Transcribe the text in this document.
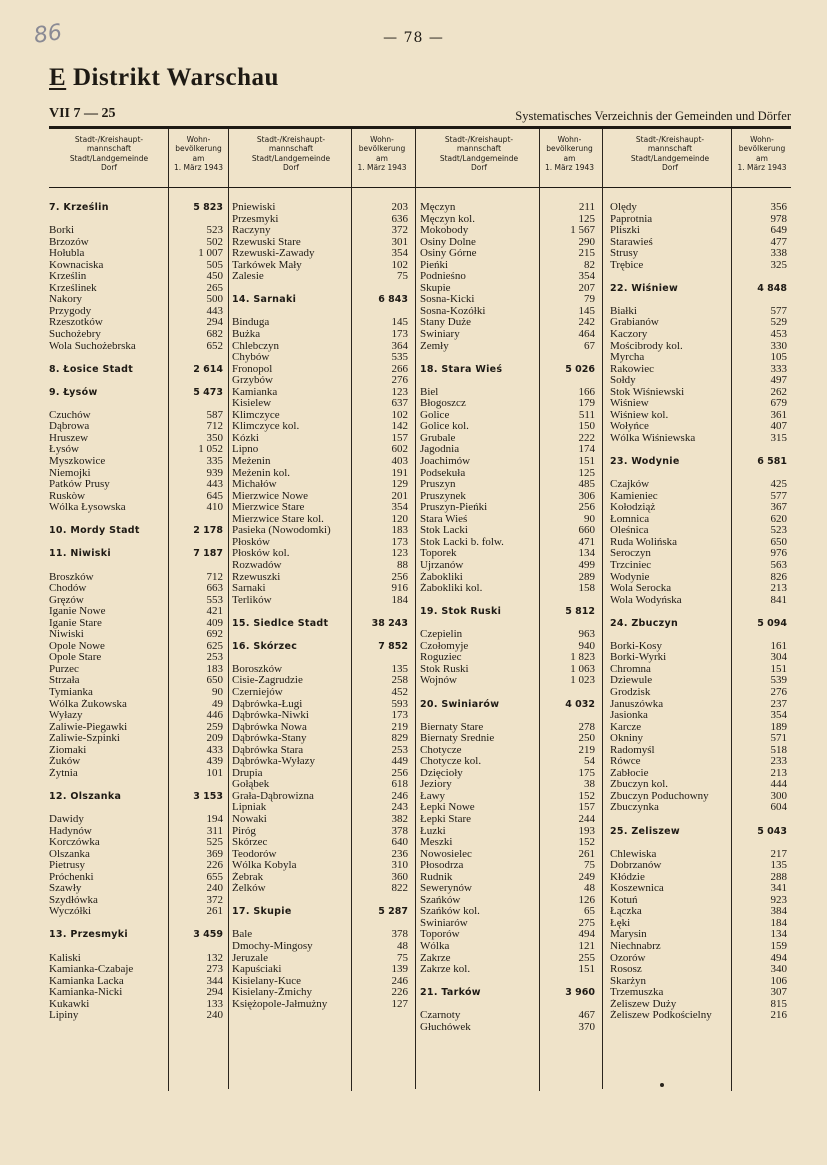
86	— 78 —
E Distrikt Warschau
VII 7 — 25	Systematisches Verzeichnis der Gemeinden und Dörfer
Stadt-/Kreishaupt-
mannschaft
Stadt/Landgemeinde
Dorf
Wohn-
bevölkerung
am
1. März 1943
Stadt-/Kreishaupt-
mannschaft
Stadt/Landgemeinde
Dorf
Wohn-
bevölkerung
am
1. März 1943
Stadt-/Kreishaupt-
mannschaft
Stadt/Landgemeinde
Dorf
Wohn-
bevölkerung
am
1. März 1943
Stadt-/Kreishaupt-
mannschaft
Stadt/Landgemeinde
Dorf
Wohn-
bevölkerung
am
1. März 1943
7. Krześlin	5 823
Borki	523
Brzozów	502
Hołubla	1 007
Kownaciska	505
Krześlin	450
Krześlinek	265
Nakory	500
Przygody	443
Rzeszotków	294
Suchożebry	682
Wola Suchożebrska	652
8. Łosice Stadt	2 614
9. Łysów	5 473
Czuchów	587
Dąbrowa	712
Hruszew	350
Łysów	1 052
Myszkowice	335
Niemojki	939
Patków Prusy	443
Ruskòw	645
Wólka Łysowska	410
10. Mordy Stadt	2 178
11. Niwiski	7 187
Broszków	712
Chodów	663
Gręzów	553
Iganie Nowe	421
Iganie Stare	409
Niwiski	692
Opole Nowe	625
Opole Stare	253
Purzec	183
Strzała	650
Tymianka	90
Wólka Żukowska	49
Wyłazy	446
Zaliwie-Piegawki	259
Zaliwie-Szpinki	209
Ziomaki	433
Żuków	439
Żytnia	101
12. Olszanka	3 153
Dawidy	194
Hadynów	311
Korczówka	525
Olszanka	369
Pietrusy	226
Próchenki	655
Szawły	240
Szydłówka	372
Wyczółki	261
13. Przesmyki	3 459
Kaliski	132
Kamianka-Czabaje	273
Kamianka Lacka	344
Kamianka-Nicki	294
Kukawki	133
Lipiny	240
Pniewiski	203
Przesmyki	636
Raczyny	372
Rzewuski Stare	301
Rzewuski-Zawady	354
Tarkówek Mały	102
Zalesie	75
14. Sarnaki	6 843
Binduga	145
Bużka	173
Chlebczyn	364
Chybów	535
Fronopol	266
Grzybów	276
Kamianka	123
Kisielew	637
Klimczyce	102
Klimczyce kol.	142
Kózki	157
Lipno	602
Meżenin	403
Meżenin kol.	191
Michałów	129
Mierzwice Nowe	201
Mierzwice Stare	354
Mierzwice Stare kol.	120
Pasieka (Nowodomki)	183
Płosków	173
Płosków kol.	123
Rozwadów	88
Rzewuszki	256
Sarnaki	916
Terlików	184
15. Siedlce Stadt	38 243
16. Skórzec	7 852
Boroszków	135
Cisie-Zagrudzie	258
Czerniejów	452
Dąbrówka-Ługi	593
Dąbrówka-Niwki	173
Dąbrówka Nowa	219
Dąbrówka-Stany	829
Dąbrówka Stara	253
Dąbrówka-Wyłazy	449
Drupia	256
Gołąbek	618
Grała-Dąbrowizna	246
Lipniak	243
Nowaki	382
Piróg	378
Skórzec	640
Teodorów	236
Wólka Kobyla	310
Żebrak	360
Żelków	822
17. Skupie	5 287
Bale	378
Dmochy-Mingosy	48
Jeruzale	75
Kapuściaki	139
Kisielany-Kuce	246
Kisielany-Żmichy	226
Księżopole-Jałmużny	127
Męczyn	211
Męczyn kol.	125
Mokobody	1 567
Osiny Dolne	290
Osiny Górne	215
Pieńki	82
Podnieśno	354
Skupie	207
Sosna-Kicki	79
Sosna-Kozółki	145
Stany Duże	242
Świniary	464
Zemły	67
18. Stara Wieś	5 026
Biel	166
Błogoszcz	179
Golice	511
Golice kol.	150
Grubale	222
Jagodnia	174
Joachimów	151
Podsekuła	125
Pruszyn	485
Pruszynek	306
Pruszyn-Pieńki	256
Stara Wieś	90
Stok Lacki	660
Stok Lacki b. folw.	471
Toporek	134
Ujrzanów	499
Żabokliki	289
Żabokliki kol.	158
19. Stok Ruski	5 812
Czepielin	963
Czołomyje	940
Roguziec	1 823
Stok Ruski	1 063
Wojnów	1 023
20. Świniarów	4 032
Biernaty Stare	278
Biernaty Średnie	250
Chotycze	219
Chotycze kol.	54
Dzięcioły	175
Jeziory	38
Ławy	152
Łepki Nowe	157
Łepki Stare	244
Łuzki	193
Meszki	152
Nowosielec	261
Płosodrza	75
Rudnik	249
Sewerynów	48
Szańków	126
Szańków kol.	65
Świniarów	275
Toporów	494
Wólka	121
Zakrze	255
Zakrze kol.	151
21. Tarków	3 960
Czarnoty	467
Głuchówek	370
Olędy	356
Paprotnia	978
Pliszki	649
Starawieś	477
Strusy	338
Trębice	325
22. Wiśniew	4 848
Białki	577
Grabianów	529
Kaczory	453
Mościbrody kol.	330
Myrcha	105
Rakowiec	333
Sołdy	497
Stok Wiśniewski	262
Wiśniew	679
Wiśniew kol.	361
Wołyńce	407
Wólka Wiśniewska	315
23. Wodynie	6 581
Czajków	425
Kamieniec	577
Kołodziąż	367
Łomnica	620
Oleśnica	523
Ruda Wolińska	650
Seroczyn	976
Trzciniec	563
Wodynie	826
Wola Serocka	213
Wola Wodyńska	841
24. Zbuczyn	5 094
Borki-Kosy	161
Borki-Wyrki	304
Chromna	151
Dziewule	539
Grodzisk	276
Januszówka	237
Jasionka	354
Karcze	189
Okniny	571
Radomyśl	518
Rówce	233
Zabłocie	213
Zbuczyn kol.	444
Zbuczyn Poduchowny	300
Zbuczynka	604
25. Żeliszew	5 043
Chlewiska	217
Dobrzanów	135
Kłódzie	288
Koszewnica	341
Kotuń	923
Łączka	384
Łęki	184
Marysin	134
Niechnabrz	159
Ozorów	494
Rososz	340
Skarżyn	106
Trzemuszka	307
Żeliszew Duży	815
Żeliszew Podkościelny	216
